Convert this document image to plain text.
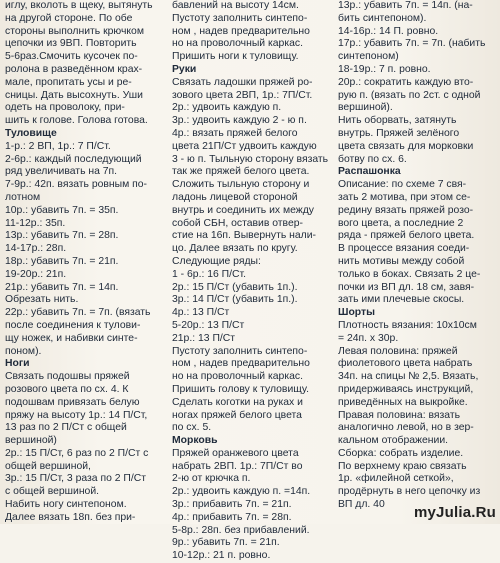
иглу, вколоть в щеку, вытянуть

на другой стороне. По обе

стороны выполнить крючком

цепочки из 9ВП. Повторить

5-6раз.Смочить кусочек по-

ролона в разведённом крах-

мале, пропитать усы и ре-

сницы. Дать высохнуть. Уши

одеть на проволоку, при-

шить к голове. Голова готова.

Туловище

1-р.: 2 ВП, 1р.: 7 П/Ст.

2-6р.: каждый последующий

ряд увеличивать на 7п.

7-9р.: 42п. вязать ровным по-

лотном

10р.: убавить 7п. = 35п.

11-12р.: 35п.

13р.: убавить 7п. = 28п.

14-17р.: 28п.

18р.: убавить 7п. = 21п.

19-20р.: 21п.

21р.: убавить 7п. = 14п.

Обрезать нить.

22р.: убавить 7п. = 7п. (вязать

после соединения к тулови-

щу ножек, и набивки синте-

поном).

Ноги

Связать подошвы пряжей

розового цвета по сх. 4. К

подошвам привязать белую

пряжу на высоту 1р.: 14 П/Ст,

13 раз по 2 П/Ст с общей

вершиной)

2р.: 15 П/Ст, 6 раз по 2 П/Ст с

общей вершиной,

3р.: 15 П/Ст, 3 раза по 2 П/Ст

с общей вершиной.

Набить ногу синтепоном.

Далее вязать 18п. без при-

бавлений на высоту 14см.

Пустоту заполнить синтепо-

ном , надев предварительно

но на проволочный каркас.

Пришить ноги к туловищу.

Руки

Связать ладошки пряжей ро-

зового цвета 2ВП, 1р.: 7П/Ст.

2р.: удвоить каждую п.

3р.: удвоить каждую 2 - ю п.

4р.: вязать пряжей белого

цвета 21П/Ст удвоить каждую

3 - ю п. Тыльную сторону вязать

так же пряжей белого цвета.

Сложить тыльную сторону и

ладонь лицевой стороной

внутрь и соединить их между

собой СБН, оставив отвер-

стие на 16п. Вывернуть нали-

цо. Далее вязать по кругу.

Следующие ряды:

1 - 6р.: 16 П/Ст.

2р.: 15 П/Ст (убавить 1п.).

3р.: 14 П/Ст (убавить 1п.).

4р.: 13 П/Ст

5-20р.: 13 П/Ст

21р.: 13 П/Ст

Пустоту заполнить синтепо-

ном , надев предварительно

но на проволочный каркас.

Пришить голову к туловищу.

Сделать коготки на руках и

ногах пряжей белого цвета

по сх. 5.

Морковь

Пряжей оранжевого цвета

набрать 2ВП. 1р.: 7П/Ст во

2-ю от крючка п.

2р.: удвоить каждую п. =14п.

3р.: прибавить 7п. = 21п.

4р.: прибавить 7п. = 28п.

5-8р.: 28п. без прибавлений.

9р.: убавить 7п. = 21п.

10-12р.: 21 п. ровно.

13р.: убавить 7п. = 14п. (на-

бить синтепоном).

14-16р.: 14 П. ровно.

17р.: убавить 7п. = 7п. (набить

синтепоном)

18-19р.: 7 п. ровно.

20р.: сократить каждую вто-

рую п. (вязать по 2ст. с одной

вершиной).

Нить оборвать, затянуть

внутрь. Пряжей зелёного

цвета связать для морковки

ботву по сх. 6.

Распашонка

Описание: по схеме 7 свя-

зать 2 мотива, при этом се-

редину вязать пряжей розо-

вого цвета, а последние 2

ряда - пряжей белого цвета.

В процессе вязания соеди-

нить мотивы между собой

только в боках. Связать 2 це-

почки из ВП дл. 18 см, завя-

зать ими плечевые скосы.

Шорты

Плотность вязания: 10х10см

= 24п. х 30р.

Левая половина: пряжей

фиолетового цвета набрать

34п. на спицы № 2,5. Вязать,

придерживаясь инструкций,

приведённых на выкройке.

Правая половина: вязать

аналогично левой, но в зер-

кальном отображении.

Сборка: собрать изделие.

По верхнему краю связать

1р. «филейной сеткой»,

продёрнуть в него цепочку из

ВП дл. 40	myJulia.Ru
